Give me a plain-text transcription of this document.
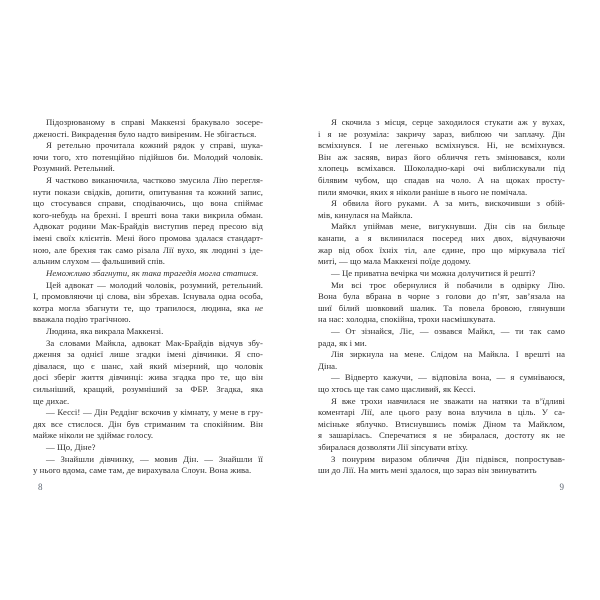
Підозрюваному в справі Маккензі бракувало зосере-
дженості. Викрадення було надто вивіреним. Не збігається.
Я ретельно прочитала кожний рядок у справі, шука-
ючи того, хто потенційно підійшов би. Молодий чоловік.
Розумний. Ретельний.
Я частково виканючила, частково змусила Лію перегля-
нути покази свідків, допити, опитування та кожний запис,
що стосувався справи, сподіваючись, що вона спіймає
кого-небудь на брехні. І врешті вона таки викрила обман.
Адвокат родини Мак-Брайдів виступив перед пресою від
імені своїх клієнтів. Мені його промова здалася стандарт-
ною, але брехня так само різала Лії вухо, як людині з іде-
альним слухом — фальшивий спів.
Неможливо збагнути, як така трагедія могла статися.
Цей адвокат — молодий чоловік, розумний, ретельний.
І, промовляючи ці слова, він збрехав. Існувала одна особа,
котра могла збагнути те, що трапилося, людина, яка не
вважала подію трагічною.
Людина, яка викрала Маккензі.
За словами Майкла, адвокат Мак-Брайдів відчув збу-
дження за однієї лише згадки імені дівчинки. Я спо-
дівалася, що є шанс, хай який мізерний, що чоловік
досі зберіг життя дівчинці: жива згадка про те, що він
сильніший, кращий, розумніший за ФБР. Згадка, яка
ще дихає.
— Кессі! — Дін Реддінг вскочив у кімнату, у мене в гру-
дях все стислося. Дін був стриманим та спокійним. Він
майже ніколи не здіймає голосу.
— Що, Діне?
— Знайшли дівчинку, — мовив Дін. — Знайшли її
у нього вдома, саме там, де вирахувала Слоун. Вона жива.
Я скочила з місця, серце заходилося стукати аж у вухах,
і я не розуміла: закричу зараз, виблюю чи заплачу. Дін
всміхнувся. І не легенько всміхнувся. Ні, не всміхнувся.
Він аж засяяв, вираз його обличчя геть змінювався, коли
хлопець всміхався. Шоколадно-карі очі виблискували під
білявим чубом, що спадав на чоло. А на щоках просту-
пили ямочки, яких я ніколи раніше в нього не помічала.
Я обвила його руками. А за мить, вискочивши з обій-
мів, кинулася на Майкла.
Майкл упіймав мене, вигукнувши. Дін сів на бильце
канапи, а я вклинилася посеред них двох, відчуваючи
жар від обох їхніх тіл, але єдине, про що міркувала тієї
миті, — що мала Маккензі поїде додому.
— Це приватна вечірка чи можна долучитися й решті?
Ми всі троє обернулися й побачили в одвірку Лію.
Вона була вбрана в чорне з голови до п’ят, зав’язала на
шиї білий шовковий шалик. Та повела бровою, глянувши
на нас: холодна, спокійна, трохи насмішкувата.
— От зізнайся, Ліє, — озвався Майкл, — ти так само
рада, як і ми.
Лія зиркнула на мене. Слідом на Майкла. І врешті на
Діна.
— Відверто кажучи, — відповіла вона, — я сумніваюся,
що хтось ще так само щасливий, як Кессі.
Я вже трохи навчилася не зважати на натяки та в’їдливі
коментарі Лії, але цього разу вона влучила в ціль. У са-
місіньке яблучко. Втиснувшись поміж Діном та Майклом,
я зашарілась. Сперечатися я не збиралася, достоту як не
збиралася дозволяти Лії зіпсувати втіху.
З понурим виразом обличчя Дін підвівся, попростував-
ши до Лії. На мить мені здалося, що зараз він звинуватить
8	9
